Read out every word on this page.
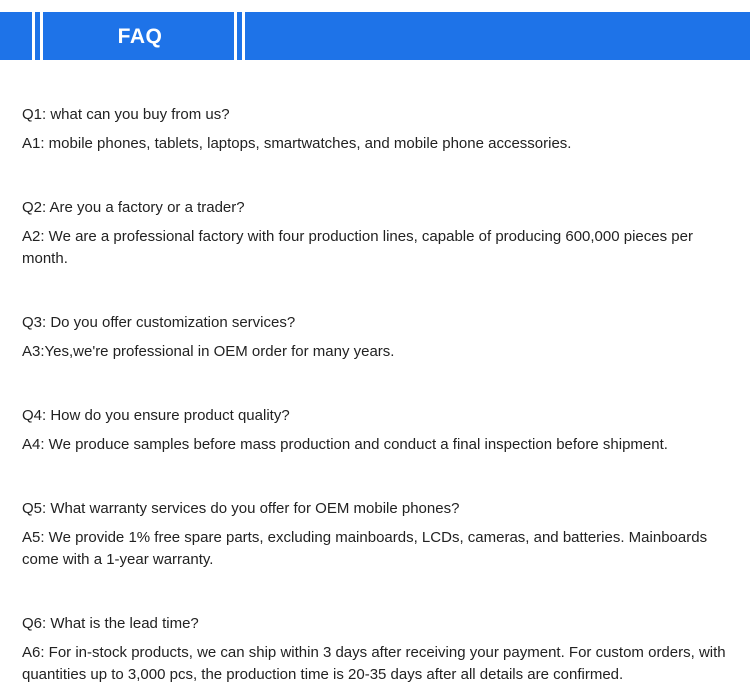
FAQ

Q1: what can you buy from us?

A1: mobile phones, tablets, laptops, smartwatches, and mobile phone accessories.

Q2: Are you a factory or a trader?

A2: We are a professional factory with four production lines, capable of producing 600,000 pieces per month.

Q3: Do you offer customization services?

A3:Yes,we're professional in OEM order for many years.

Q4: How do you ensure product quality?

A4: We produce samples before mass production and conduct a final inspection before shipment.

Q5: What warranty services do you offer for OEM mobile phones?

A5: We provide 1% free spare parts, excluding mainboards, LCDs, cameras, and batteries. Mainboards come with a 1-year warranty.

Q6: What is the lead time?

A6: For in-stock products, we can ship within 3 days after receiving your payment. For custom orders, with quantities up to 3,000 pcs, the production time is 20-35 days after all details are confirmed.
